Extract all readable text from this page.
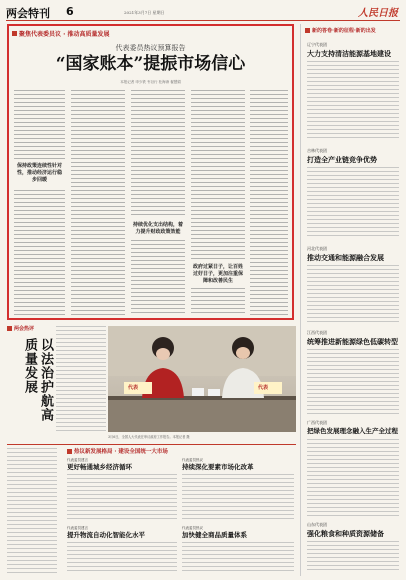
两会特刊 6	2021年3月7日 星期日	人民日报
聚焦代表委员议 · 推动高质量发展
代表委员热议预算报告
“国家账本”提振市场信心
本报记者 申少铁 韦衍行 杜海涛 翟慧娟
保持政策连续性针对性，推动经济运行稳步回暖
持续优化支出结构，着力提升财政政策效能
政府过紧日子，让百姓过好日子，更加注重保障和改善民生
新的答卷·新的征程·新的出发
辽宁代表团
大力支持清洁能源基地建设
吉林代表团
打造全产业链竞争优势
河北代表团
推动交通和能源融合发展
江西代表团
统筹推进新能源绿色低碳转型
广西代表团
把绿色发展理念融入生产全过程
山东代表团
强化粮食和种质资源储备
两会热评
以法治护航高质量发展	代表	代表
3月6日，全国人大代表在审议政府工作报告。本报记者 摄
热议新发展格局 · 建设全国统一大市场
代表委员建言
更好畅通城乡经济循环
代表委员热议
持续深化要素市场化改革
代表委员建言
提升物流自动化智能化水平
代表委员热议
加快健全商品质量体系
